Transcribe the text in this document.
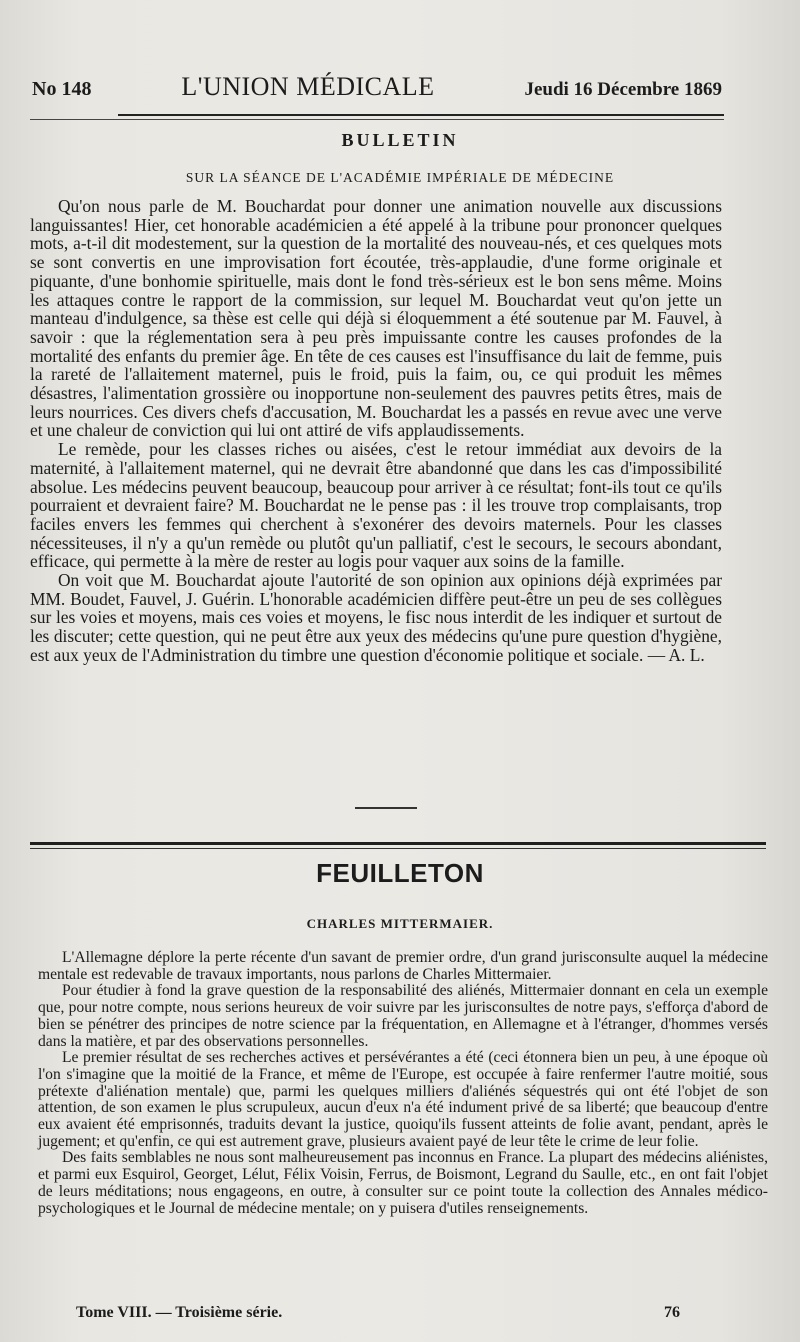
No 148	L'UNION MÉDICALE	Jeudi 16 Décembre 1869
BULLETIN
SUR LA SÉANCE DE L'ACADÉMIE IMPÉRIALE DE MÉDECINE

Qu'on nous parle de M. Bouchardat pour donner une animation nouvelle aux discussions languissantes! Hier, cet honorable académicien a été appelé à la tribune pour prononcer quelques mots, a-t-il dit modestement, sur la question de la mortalité des nouveau-nés, et ces quelques mots se sont convertis en une improvisation fort écoutée, très-applaudie, d'une forme originale et piquante, d'une bonhomie spirituelle, mais dont le fond très-sérieux est le bon sens même. Moins les attaques contre le rapport de la commission, sur lequel M. Bouchardat veut qu'on jette un manteau d'indulgence, sa thèse est celle qui déjà si éloquemment a été soutenue par M. Fauvel, à savoir : que la réglementation sera à peu près impuissante contre les causes profondes de la mortalité des enfants du premier âge. En tête de ces causes est l'insuffisance du lait de femme, puis la rareté de l'allaitement maternel, puis le froid, puis la faim, ou, ce qui produit les mêmes désastres, l'alimentation grossière ou inopportune non-seulement des pauvres petits êtres, mais de leurs nourrices. Ces divers chefs d'accusation, M. Bouchardat les a passés en revue avec une verve et une chaleur de conviction qui lui ont attiré de vifs applaudissements.

Le remède, pour les classes riches ou aisées, c'est le retour immédiat aux devoirs de la maternité, à l'allaitement maternel, qui ne devrait être abandonné que dans les cas d'impossibilité absolue. Les médecins peuvent beaucoup, beaucoup pour arriver à ce résultat; font-ils tout ce qu'ils pourraient et devraient faire? M. Bouchardat ne le pense pas : il les trouve trop complaisants, trop faciles envers les femmes qui cherchent à s'exonérer des devoirs maternels. Pour les classes nécessiteuses, il n'y a qu'un remède ou plutôt qu'un palliatif, c'est le secours, le secours abondant, efficace, qui permette à la mère de rester au logis pour vaquer aux soins de la famille.

On voit que M. Bouchardat ajoute l'autorité de son opinion aux opinions déjà exprimées par MM. Boudet, Fauvel, J. Guérin. L'honorable académicien diffère peut-être un peu de ses collègues sur les voies et moyens, mais ces voies et moyens, le fisc nous interdit de les indiquer et surtout de les discuter; cette question, qui ne peut être aux yeux des médecins qu'une pure question d'hygiène, est aux yeux de l'Administration du timbre une question d'économie politique et sociale. — A. L.

FEUILLETON
CHARLES MITTERMAIER.

L'Allemagne déplore la perte récente d'un savant de premier ordre, d'un grand jurisconsulte auquel la médecine mentale est redevable de travaux importants, nous parlons de Charles Mittermaier.

Pour étudier à fond la grave question de la responsabilité des aliénés, Mittermaier donnant en cela un exemple que, pour notre compte, nous serions heureux de voir suivre par les jurisconsultes de notre pays, s'efforça d'abord de bien se pénétrer des principes de notre science par la fréquentation, en Allemagne et à l'étranger, d'hommes versés dans la matière, et par des observations personnelles.

Le premier résultat de ses recherches actives et persévérantes a été (ceci étonnera bien un peu, à une époque où l'on s'imagine que la moitié de la France, et même de l'Europe, est occupée à faire renfermer l'autre moitié, sous prétexte d'aliénation mentale) que, parmi les quelques milliers d'aliénés séquestrés qui ont été l'objet de son attention, de son examen le plus scrupuleux, aucun d'eux n'a été indument privé de sa liberté; que beaucoup d'entre eux avaient été emprisonnés, traduits devant la justice, quoiqu'ils fussent atteints de folie avant, pendant, après le jugement; et qu'enfin, ce qui est autrement grave, plusieurs avaient payé de leur tête le crime de leur folie.

Des faits semblables ne nous sont malheureusement pas inconnus en France. La plupart des médecins aliénistes, et parmi eux Esquirol, Georget, Lélut, Félix Voisin, Ferrus, de Boismont, Legrand du Saulle, etc., en ont fait l'objet de leurs méditations; nous engageons, en outre, à consulter sur ce point toute la collection des Annales médico-psychologiques et le Journal de médecine mentale; on y puisera d'utiles renseignements.

Tome VIII. — Troisième série.	76
